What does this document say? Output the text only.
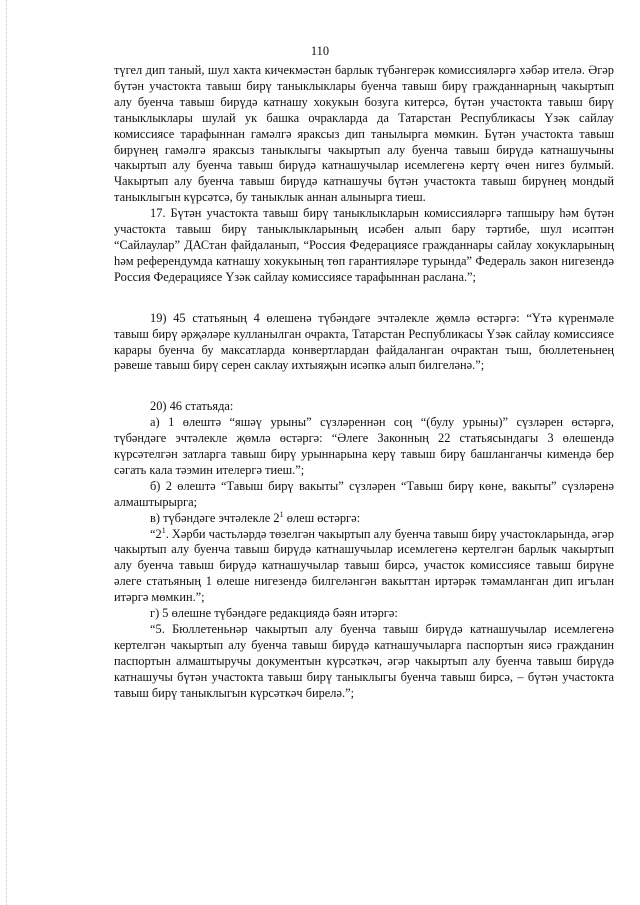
110

түгел дип таный, шул хакта кичекмәстән барлык түбәнгерәк комиссияләргә хәбәр ителә. Әгәр бүтән участокта тавыш бирү таныклыклары буенча тавыш бирү гражданнарның чакыртып алу буенча тавыш бирүдә катнашу хокукын бозуга китерсә, бүтән участокта тавыш бирү таныклыклары шулай ук башка очракларда да Татарстан Республикасы Үзәк сайлау комиссиясе тарафыннан гамәлгә яраксыз дип танылырга мөмкин. Бүтән участокта тавыш бирүнең гамәлгә яраксыз таныклыгы чакыртып алу буенча тавыш бирүдә катнашучыны чакыртып алу буенча тавыш бирүдә катнашучылар исемлегенә кертү өчен нигез булмый. Чакыртып алу буенча тавыш бирүдә катнашучы бүтән участокта тавыш бирүнең мондый таныклыгын күрсәтсә, бу таныклык аннан алынырга тиеш.

17. Бүтән участокта тавыш бирү таныклыкларын комиссияләргә тапшыру һәм бүтән участокта тавыш бирү таныклыкларының исәбен алып бару тәртибе, шул исәптән “Сайлаулар” ДАСтан файдаланып, “Россия Федерациясе гражданнары сайлау хокукларының һәм референдумда катнашу хокукының төп гарантияләре турында” Федераль закон нигезендә Россия Федерациясе Үзәк сайлау комиссиясе тарафыннан раслана.”;

19) 45 статьяның 4 өлешенә түбәндәге эчтәлекле җөмлә өстәргә: “Үтә күренмәле тавыш бирү әрҗәләре кулланылган очракта, Татарстан Республикасы Үзәк сайлау комиссиясе карары буенча бу максатларда конвертлардан файдаланган очрактан тыш, бюллетеньнең рәвеше тавыш бирү серен саклау ихтыяҗын исәпкә алып билгеләнә.”;

20) 46 статьяда:

а) 1 өлештә “яшәү урыны” сүзләреннән соң “(булу урыны)” сүзләрен өстәргә, түбәндәге эчтәлекле җөмлә өстәргә: “Әлеге Законның 22 статьясындагы 3 өлешендә күрсәтелгән затларга тавыш бирү урыннарына керү тавыш бирү башланганчы кимендә бер сәгать кала тәэмин ителергә тиеш.”;

б) 2 өлештә “Тавыш бирү вакыты” сүзләрен “Тавыш бирү көне, вакыты” сүзләренә алмаштырырга;

в) түбәндәге эчтәлекле $2^1$ өлеш өстәргә:

“$2^1$. Хәрби частьләрдә төзелгән чакыртып алу буенча тавыш бирү участокларында, әгәр чакыртып алу буенча тавыш бирүдә катнашучылар исемлегенә кертелгән барлык чакыртып алу буенча тавыш бирүдә катнашучылар тавыш бирсә, участок комиссиясе тавыш бирүне әлеге статьяның 1 өлеше нигезендә билгеләнгән вакыттан иртәрәк тәмамланган дип игълан итәргә мөмкин.”;

г) 5 өлешне түбәндәге редакциядә бәян итәргә:

“5. Бюллетеньнәр чакыртып алу буенча тавыш бирүдә катнашучылар исемлегенә кертелгән чакыртып алу буенча тавыш бирүдә катнашучыларга паспортын яисә гражданин паспортын алмаштыручы документын күрсәткәч, әгәр чакыртып алу буенча тавыш бирүдә катнашучы бүтән участокта тавыш бирү таныклыгы буенча тавыш бирсә, – бүтән участокта тавыш бирү таныклыгын күрсәткәч бирелә.”;
